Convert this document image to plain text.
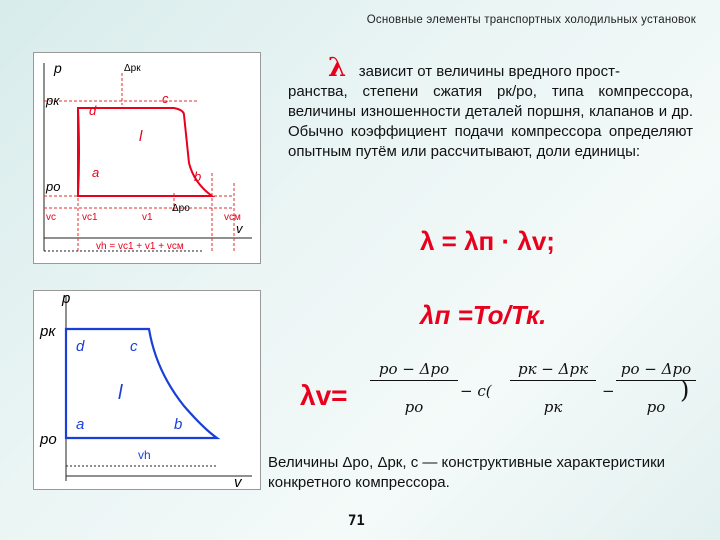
Основные элементы транспортных холодильных установок
p
pк
pо
Δpк
Δpо
c
d
a	b
l
vс	vс1	v1	vсм
v
vh = vс1 + v1 + vсм
λ зависит от величины вредного прост-
ранства, степени сжатия pк/pо, типа компрессора, величины изношенности деталей поршня, клапанов и др. Обычно коэффициент подачи компрессора определяют опытным путём или рассчитывают, доли единицы:
λ = λп · λv;
λп =То/Тк.
λv=
pо − Δpо
pо
− c(
pк − Δpк
pк
−
pо − Δpо
pо
)
p
pк
pо
c
d
a	b
l
vh
v
Величины Δpо, Δpк, c — конструктивные характеристики конкретного компрессора.
71
